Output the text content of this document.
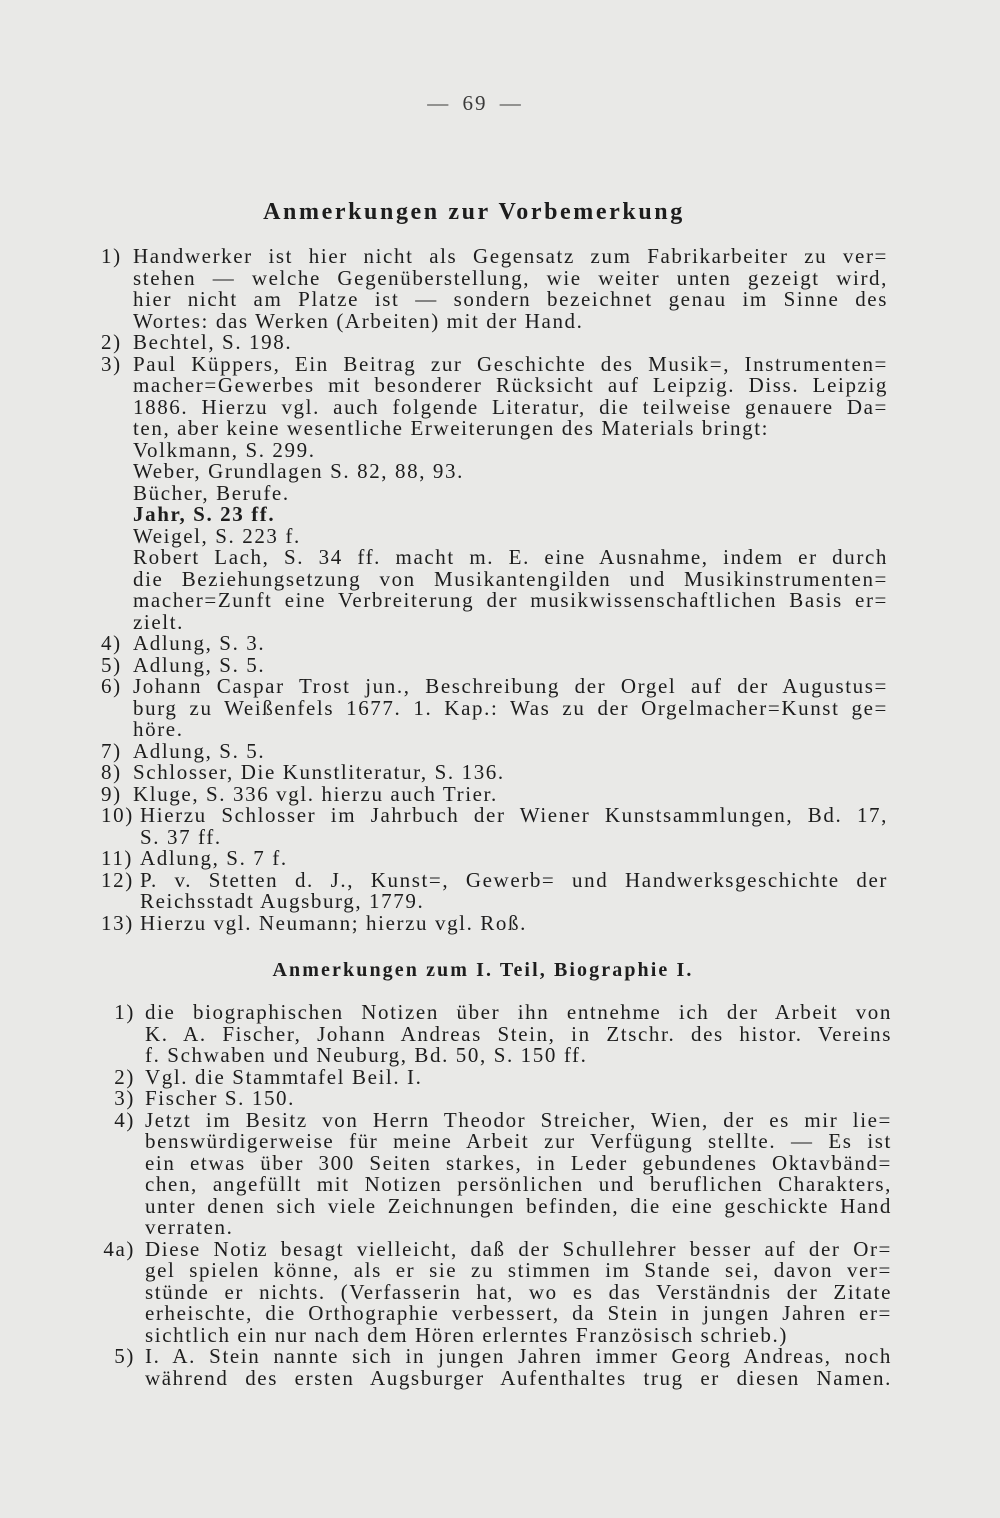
— 69 —
Anmerkungen zur Vorbemerkung
1) Handwerker ist hier nicht als Gegensatz zum Fabrikarbeiter zu ver=
stehen — welche Gegenüberstellung, wie weiter unten gezeigt wird,
hier nicht am Platze ist — sondern bezeichnet genau im Sinne des
Wortes: das Werken (Arbeiten) mit der Hand.
2) Bechtel, S. 198.
3) Paul Küppers, Ein Beitrag zur Geschichte des Musik=, Instrumenten=
macher=Gewerbes mit besonderer Rücksicht auf Leipzig. Diss. Leipzig
1886. Hierzu vgl. auch folgende Literatur, die teilweise genauere Da=
ten, aber keine wesentliche Erweiterungen des Materials bringt:
Volkmann, S. 299.
Weber, Grundlagen S. 82, 88, 93.
Bücher, Berufe.
Jahr, S. 23 ff.
Weigel, S. 223 f.
Robert Lach, S. 34 ff. macht m. E. eine Ausnahme, indem er durch
die Beziehungsetzung von Musikantengilden und Musikinstrumenten=
macher=Zunft eine Verbreiterung der musikwissenschaftlichen Basis er=
zielt.
4) Adlung, S. 3.
5) Adlung, S. 5.
6) Johann Caspar Trost jun., Beschreibung der Orgel auf der Augustus=
burg zu Weißenfels 1677. 1. Kap.: Was zu der Orgelmacher=Kunst ge=
höre.
7) Adlung, S. 5.
8) Schlosser, Die Kunstliteratur, S. 136.
9) Kluge, S. 336 vgl. hierzu auch Trier.
10) Hierzu Schlosser im Jahrbuch der Wiener Kunstsammlungen, Bd. 17,
S. 37 ff.
11) Adlung, S. 7 f.
12) P. v. Stetten d. J., Kunst=, Gewerb= und Handwerksgeschichte der
Reichsstadt Augsburg, 1779.
13) Hierzu vgl. Neumann; hierzu vgl. Roß.
Anmerkungen zum I. Teil, Biographie I.
1) die biographischen Notizen über ihn entnehme ich der Arbeit von
K. A. Fischer, Johann Andreas Stein, in Ztschr. des histor. Vereins
f. Schwaben und Neuburg, Bd. 50, S. 150 ff.
2) Vgl. die Stammtafel Beil. I.
3) Fischer S. 150.
4) Jetzt im Besitz von Herrn Theodor Streicher, Wien, der es mir lie=
benswürdigerweise für meine Arbeit zur Verfügung stellte. — Es ist
ein etwas über 300 Seiten starkes, in Leder gebundenes Oktavbänd=
chen, angefüllt mit Notizen persönlichen und beruflichen Charakters,
unter denen sich viele Zeichnungen befinden, die eine geschickte Hand
verraten.
4a) Diese Notiz besagt vielleicht, daß der Schullehrer besser auf der Or=
gel spielen könne, als er sie zu stimmen im Stande sei, davon ver=
stünde er nichts. (Verfasserin hat, wo es das Verständnis der Zitate
erheischte, die Orthographie verbessert, da Stein in jungen Jahren er=
sichtlich ein nur nach dem Hören erlerntes Französisch schrieb.)
5) I. A. Stein nannte sich in jungen Jahren immer Georg Andreas, noch
während des ersten Augsburger Aufenthaltes trug er diesen Namen.
